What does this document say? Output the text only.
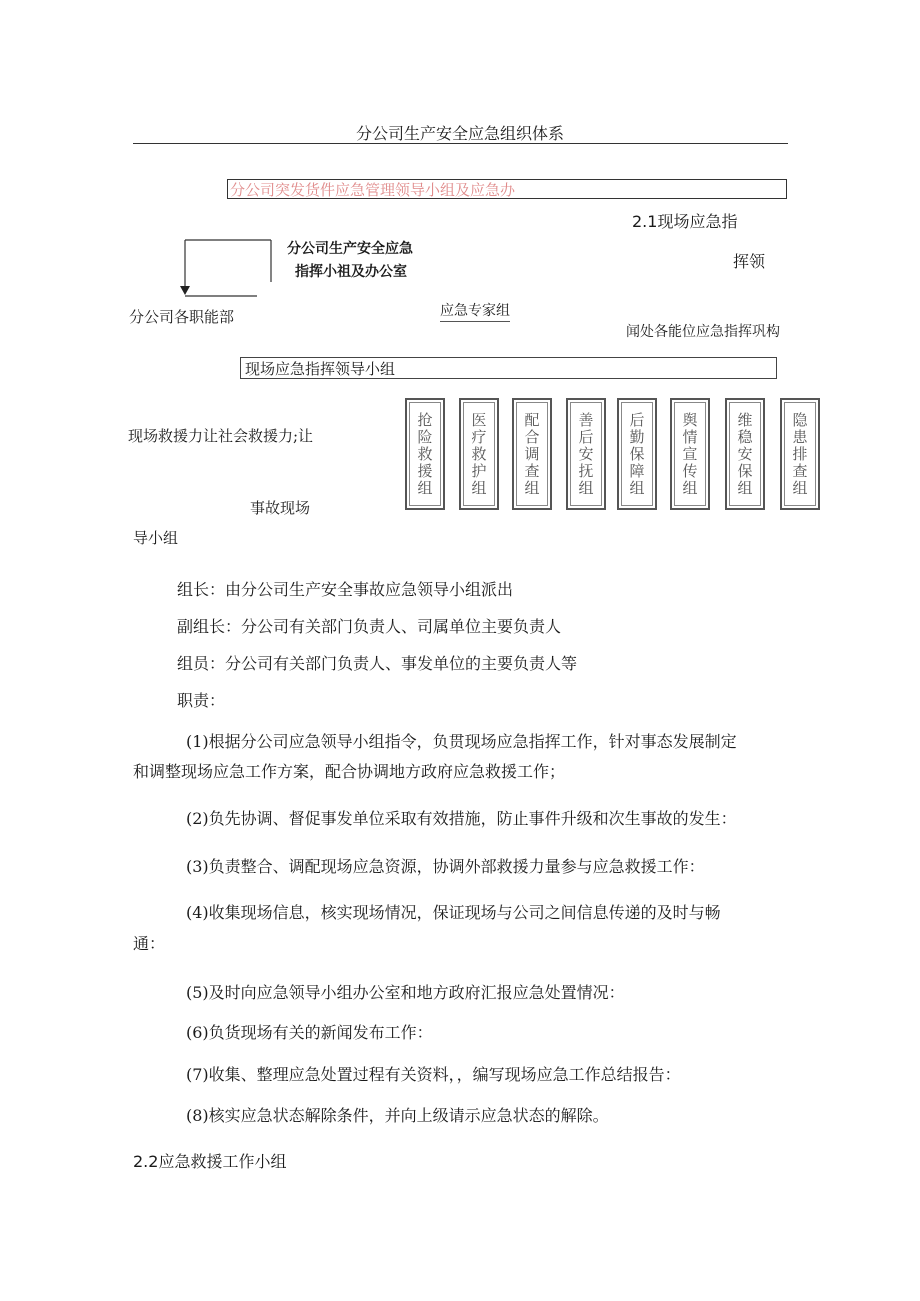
分公司生产安全应急组织体系
分公司突发货件应急管理领导小组及应急办
2.1现场应急指
分公司生产安全应急
指挥小祖及办公室
挥领
分公司各职能部	应急专家组
闻处各能位应急指挥巩构
现场应急指挥领导小组
现场救援力让社会救援力;让	抢险救援组 医疗救护组 配合调查组 善后安抚组 后勤保障组 舆情宣传组 维稳安保组 隐患排查组
事故现场
导小组
组长：由分公司生产安全事故应急领导小组派出
副组长：分公司有关部门负责人、司属单位主要负责人
组员：分公司有关部门负责人、事发单位的主要负责人等
职责：
(1)根据分公司应急领导小组指令，负贯现场应急指挥工作，针对事态发展制定
和调整现场应急工作方案，配合协调地方政府应急救援工作；
(2)负先协调、督促事发单位采取有效措施，防止事件升级和次生事故的发生：
(3)负责整合、调配现场应急资源，协调外部救援力量参与应急救援工作：
(4)收集现场信息，核实现场情况，保证现场与公司之间信息传递的及时与畅
通：
(5)及时向应急领导小组办公室和地方政府汇报应急处置情况：
(6)负货现场有关的新闻发布工作：
(7)收集、整理应急处置过程有关资料，，编写现场应急工作总结报告：
(8)核实应急状态解除条件，并向上级请示应急状态的解除。
2.2应急救援工作小组
